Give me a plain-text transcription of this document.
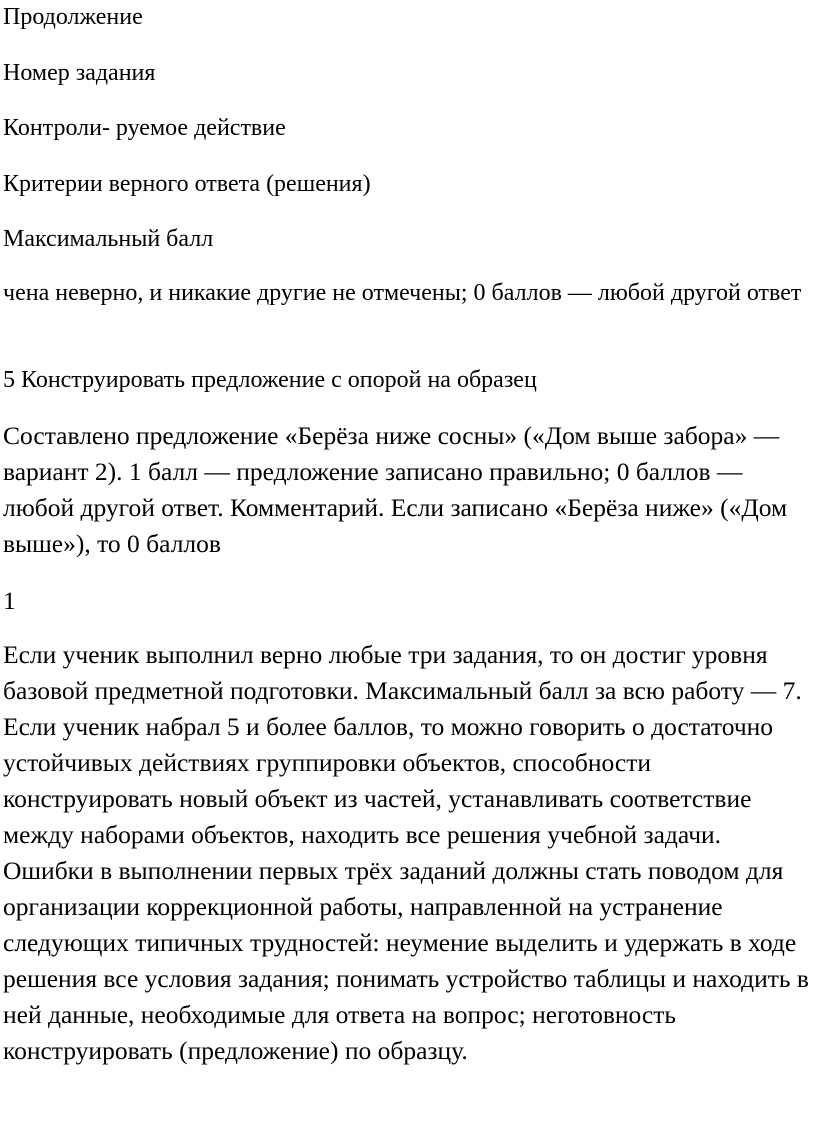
Продолжение
Номер задания
Контроли- руемое действие
Критерии верного ответа (решения)
Максимальный балл

чена неверно, и никакие другие не отмечены; 0 баллов — любой другой ответ

5 Конструировать предложение с опорой на образец

Составлено предложение «Берёза ниже сосны» («Дом выше забора» — вариант 2). 1 балл — предложение записано правильно; 0 баллов — любой другой ответ. Комментарий. Если записано «Берёза ниже» («Дом выше»), то 0 баллов

1

Если ученик выполнил верно любые три задания, то он достиг уровня базовой предметной подготовки. Максимальный балл за всю работу — 7. Если ученик набрал 5 и более баллов, то можно говорить о достаточно устойчивых действиях группировки объектов, способности конструировать новый объект из частей, устанавливать соответствие между наборами объектов, находить все решения учебной задачи. Ошибки в выполнении первых трёх заданий должны стать поводом для организации коррекционной работы, направленной на устранение следующих типичных трудностей: неумение выделить и удержать в ходе решения все условия задания; понимать устройство таблицы и находить в ней данные, необходимые для ответа на вопрос; неготовность конструировать (предложение) по образцу.
